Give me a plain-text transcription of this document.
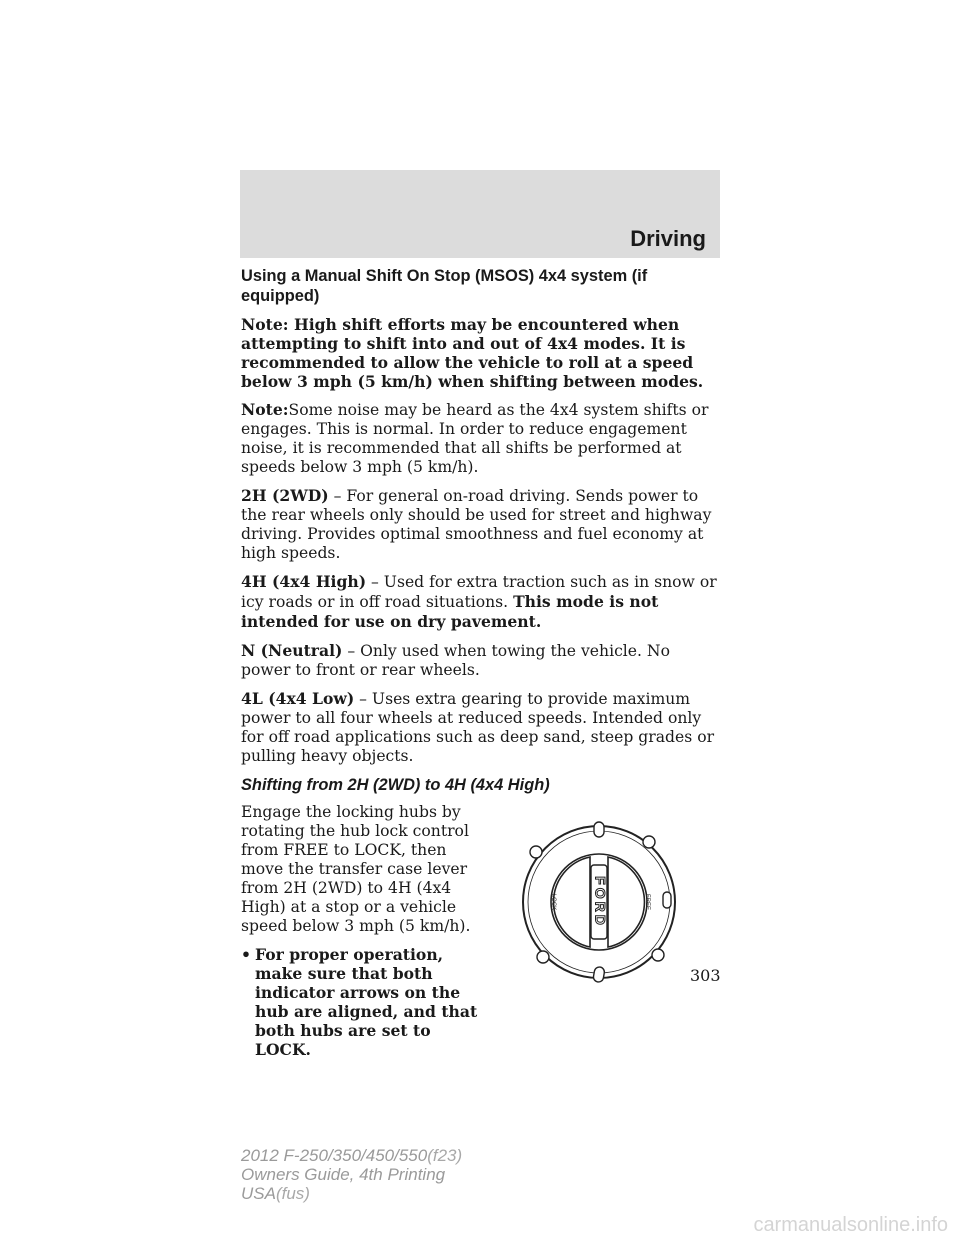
Driving
Using a Manual Shift On Stop (MSOS) 4x4 system (if equipped)

Note: High shift efforts may be encountered when attempting to shift into and out of 4x4 modes. It is recommended to allow the vehicle to roll at a speed below 3 mph (5 km/h) when shifting between modes.

Note:Some noise may be heard as the 4x4 system shifts or engages. This is normal. In order to reduce engagement noise, it is recommended that all shifts be performed at speeds below 3 mph (5 km/h).

2H (2WD) – For general on-road driving. Sends power to the rear wheels only should be used for street and highway driving. Provides optimal smoothness and fuel economy at high speeds.

4H (4x4 High) – Used for extra traction such as in snow or icy roads or in off road situations. This mode is not intended for use on dry pavement.

N (Neutral) – Only used when towing the vehicle. No power to front or rear wheels.

4L (4x4 Low) – Uses extra gearing to provide maximum power to all four wheels at reduced speeds. Intended only for off road applications such as deep sand, steep grades or pulling heavy objects.

Shifting from 2H (2WD) to 4H (4x4 High)

Engage the locking hubs by rotating the hub lock control from FREE to LOCK, then move the transfer case lever from 2H (2WD) to 4H (4x4 High) at a stop or a vehicle speed below 3 mph (5 km/h).

• For proper operation, make sure that both indicator arrows on the hub are aligned, and that both hubs are set to LOCK.
FORD
LOCK	FREE
303
2012 F-250/350/450/550(f23)
Owners Guide, 4th Printing
USA(fus)
carmanualsonline.info
